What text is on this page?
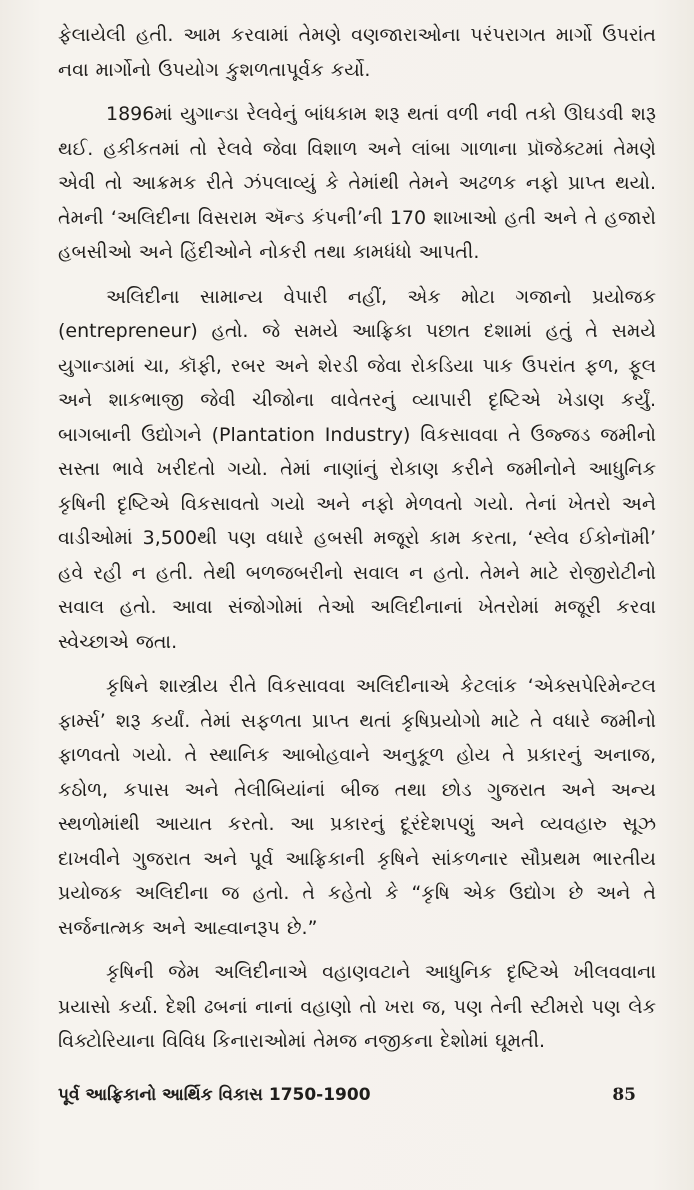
ફેલાયેલી હતી. આમ કરવામાં તેમણે વણજારાઓના પરંપરાગત માર્ગો ઉપરાંત નવા માર્ગોનો ઉપયોગ કુશળતાપૂર્વક કર્યો.

1896માં યુગાન્ડા રેલવેનું બાંધકામ શરૂ થતાં વળી નવી તકો ઊઘડવી શરૂ થઈ. હકીકતમાં તો રેલવે જેવા વિશાળ અને લાંબા ગાળાના પ્રૉજેક્ટમાં તેમણે એવી તો આક્રમક રીતે ઝંપલાવ્યું કે તેમાંથી તેમને અઢળક નફો પ્રાપ્ત થયો. તેમની ‘અલિદીના વિસરામ ઍન્ડ કંપની’ની 170 શાખાઓ હતી અને તે હજારો હબસીઓ અને હિંદીઓને નોકરી તથા કામધંધો આપતી.

અલિદીના સામાન્ય વેપારી નહીં, એક મોટા ગજાનો પ્રયોજક (entrepreneur) હતો. જે સમયે આફ્રિકા પછાત દશામાં હતું તે સમયે યુગાન્ડામાં ચા, કૉફી, રબર અને શેરડી જેવા રોકડિયા પાક ઉપરાંત ફળ, ફૂલ અને શાકભાજી જેવી ચીજોના વાવેતરનું વ્યાપારી દૃષ્ટિએ ખેડાણ કર્યું. બાગબાની ઉદ્યોગને (Plantation Industry) વિકસાવવા તે ઉજ્જડ જમીનો સસ્તા ભાવે ખરીદતો ગયો. તેમાં નાણાંનું રોકાણ કરીને જમીનોને આધુનિક કૃષિની દૃષ્ટિએ વિકસાવતો ગયો અને નફો મેળવતો ગયો. તેનાં ખેતરો અને વાડીઓમાં 3,500થી પણ વધારે હબસી મજૂરો કામ કરતા, ‘સ્લેવ ઈકોનૉમી’ હવે રહી ન હતી. તેથી બળજબરીનો સવાલ ન હતો. તેમને માટે રોજીરોટીનો સવાલ હતો. આવા સંજોગોમાં તેઓ અલિદીનાનાં ખેતરોમાં મજૂરી કરવા સ્વેચ્છાએ જતા.

કૃષિને શાસ્ત્રીય રીતે વિકસાવવા અલિદીનાએ કેટલાંક ‘એક્સપેરિમેન્ટલ ફાર્મ્સ’ શરૂ કર્યાં. તેમાં સફળતા પ્રાપ્ત થતાં કૃષિપ્રયોગો માટે તે વધારે જમીનો ફાળવતો ગયો. તે સ્થાનિક આબોહવાને અનુકૂળ હોય તે પ્રકારનું અનાજ, કઠોળ, કપાસ અને તેલીબિયાંનાં બીજ તથા છોડ ગુજરાત અને અન્ય સ્થળોમાંથી આયાત કરતો. આ પ્રકારનું દૂરંદેશપણું અને વ્યવહારુ સૂઝ દાખવીને ગુજરાત અને પૂર્વ આફ્રિકાની કૃષિને સાંકળનાર સૌપ્રથમ ભારતીય પ્રયોજક અલિદીના જ હતો. તે કહેતો કે “કૃષિ એક ઉદ્યોગ છે અને તે સર્જનાત્મક અને આહ્વાનરૂપ છે.”

કૃષિની જેમ અલિદીનાએ વહાણવટાને આધુનિક દૃષ્ટિએ ખીલવવાના પ્રયાસો કર્યા. દેશી ઢબનાં નાનાં વહાણો તો ખરા જ, પણ તેની સ્ટીમરો પણ લેક વિક્ટોરિયાના વિવિધ કિનારાઓમાં તેમજ નજીકના દેશોમાં ઘૂમતી.

પૂર્વ આફ્રિકાનો આર્થિક વિકાસ 1750-1900	85
